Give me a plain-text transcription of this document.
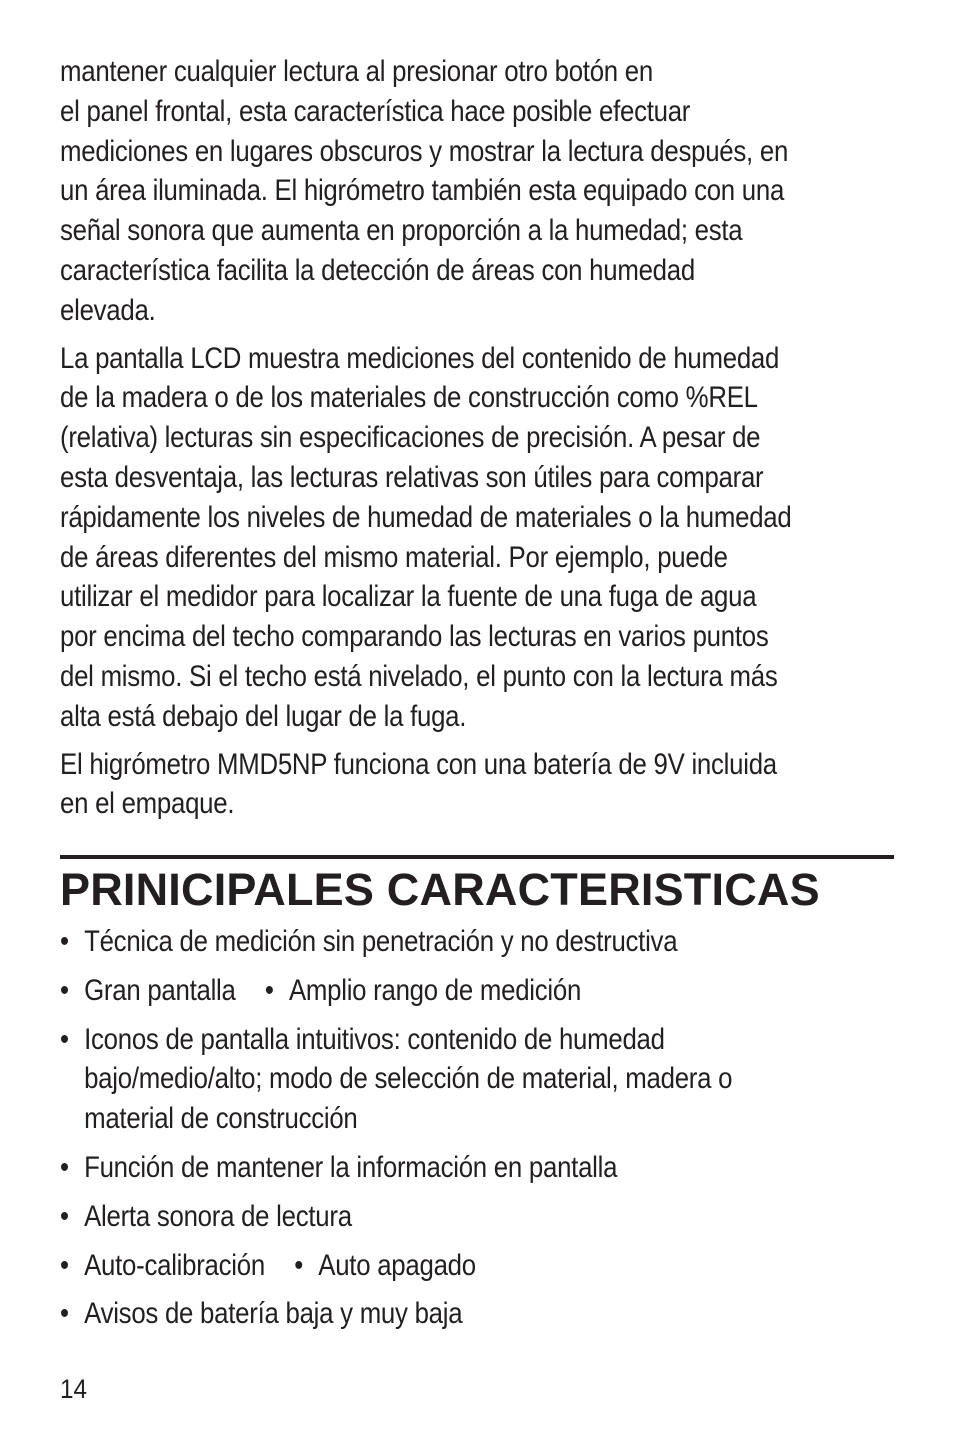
mantener cualquier lectura al presionar otro botón en
el panel frontal, esta característica hace posible efectuar
mediciones en lugares obscuros y mostrar la lectura después, en
un área iluminada. El higrómetro también esta equipado con una
señal sonora que aumenta en proporción a la humedad; esta
característica facilita la detección de áreas con humedad
elevada.

La pantalla LCD muestra mediciones del contenido de humedad
de la madera o de los materiales de construcción como %REL
(relativa) lecturas sin especificaciones de precisión. A pesar de
esta desventaja, las lecturas relativas son útiles para comparar
rápidamente los niveles de humedad de materiales o la humedad
de áreas diferentes del mismo material. Por ejemplo, puede
utilizar el medidor para localizar la fuente de una fuga de agua
por encima del techo comparando las lecturas en varios puntos
del mismo. Si el techo está nivelado, el punto con la lectura más
alta está debajo del lugar de la fuga.

El higrómetro MMD5NP funciona con una batería de 9V incluida
en el empaque.

PRINICIPALES CARACTERISTICAS
• Técnica de medición sin penetración y no destructiva
• Gran pantalla • Amplio rango de medición
• Iconos de pantalla intuitivos: contenido de humedad
bajo/medio/alto; modo de selección de material, madera o
material de construcción
• Función de mantener la información en pantalla
• Alerta sonora de lectura
• Auto-calibración • Auto apagado
• Avisos de batería baja y muy baja
14
